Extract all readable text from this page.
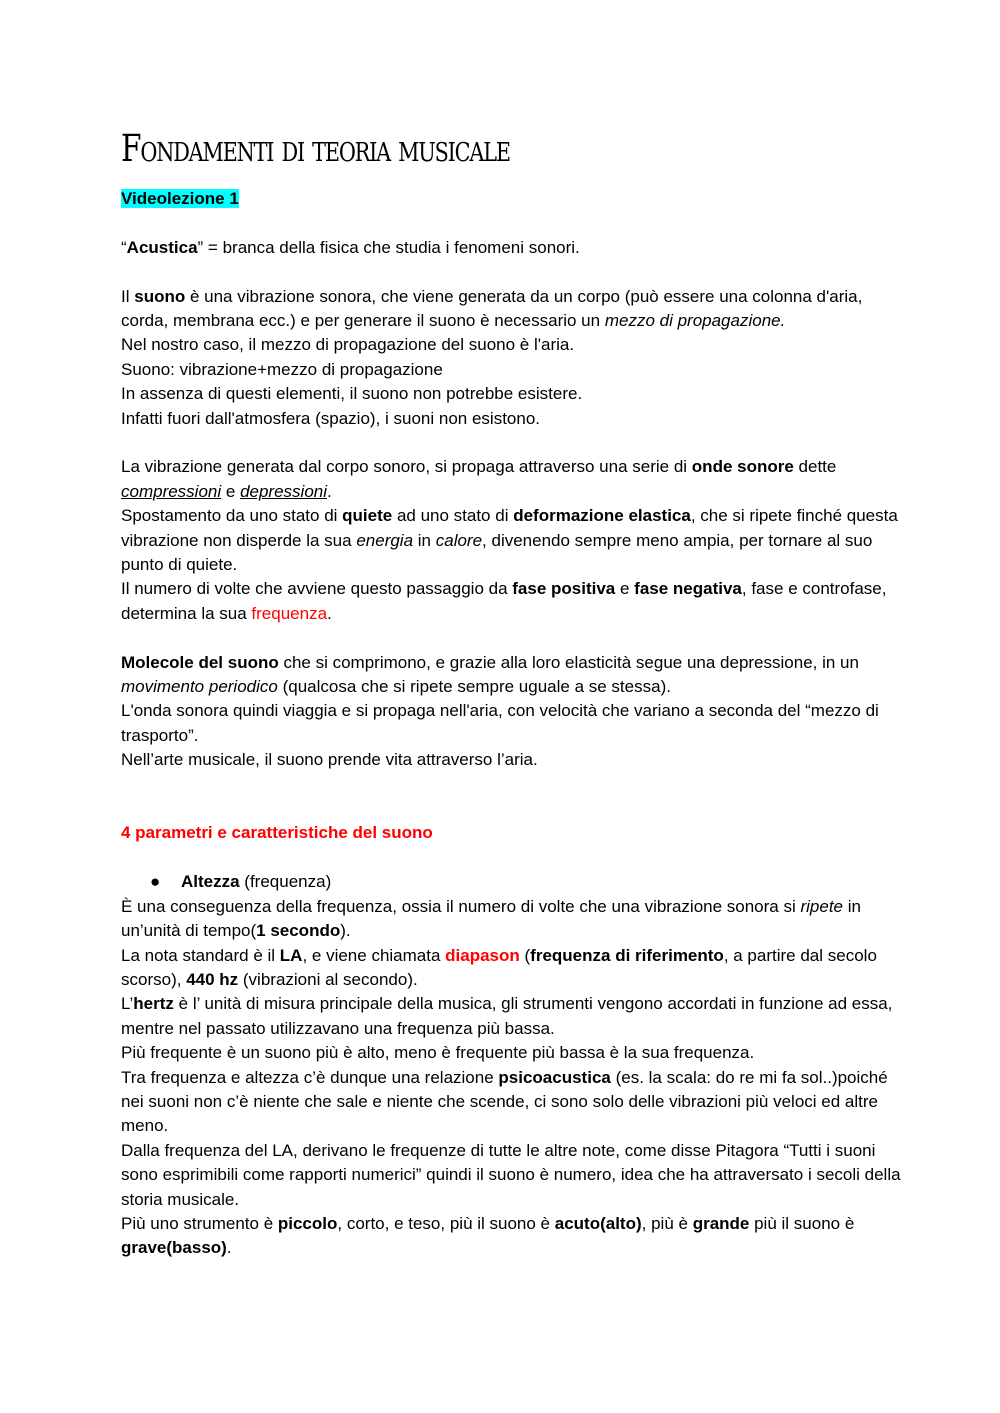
Fondamenti di teoria musicale

Videolezione 1

“Acustica” = branca della fisica che studia i fenomeni sonori.

Il suono è una vibrazione sonora, che viene generata da un corpo (può essere una colonna d'aria, corda, membrana ecc.) e per generare il suono è necessario un mezzo di propagazione.

Nel nostro caso, il mezzo di propagazione del suono è l'aria.

Suono: vibrazione+mezzo di propagazione

In assenza di questi elementi, il suono non potrebbe esistere.

Infatti fuori dall'atmosfera (spazio), i suoni non esistono.

La vibrazione generata dal corpo sonoro, si propaga attraverso una serie di onde sonore dette compressioni e depressioni.

Spostamento da uno stato di quiete ad uno stato di deformazione elastica, che si ripete finché questa vibrazione non disperde la sua energia in calore, divenendo sempre meno ampia, per tornare al suo punto di quiete.

Il numero di volte che avviene questo passaggio da fase positiva e fase negativa, fase e controfase, determina la sua frequenza.

Molecole del suono che si comprimono, e grazie alla loro elasticità segue una depressione, in un movimento periodico (qualcosa che si ripete sempre uguale a se stessa).

L'onda sonora quindi viaggia e si propaga nell'aria, con velocità che variano a seconda del “mezzo di trasporto”.

Nell’arte musicale, il suono prende vita attraverso l’aria.

4 parametri e caratteristiche del suono

● Altezza (frequenza)

È una conseguenza della frequenza, ossia il numero di volte che una vibrazione sonora si ripete in un’unità di tempo(1 secondo).

La nota standard è il LA, e viene chiamata diapason (frequenza di riferimento, a partire dal secolo scorso), 440 hz (vibrazioni al secondo).

L’hertz è l’ unità di misura principale della musica, gli strumenti vengono accordati in funzione ad essa, mentre nel passato utilizzavano una frequenza più bassa.

Più frequente è un suono più è alto, meno è frequente più bassa è la sua frequenza.

Tra frequenza e altezza c’è dunque una relazione psicoacustica (es. la scala: do re mi fa sol..)poiché nei suoni non c’è niente che sale e niente che scende, ci sono solo delle vibrazioni più veloci ed altre meno.

Dalla frequenza del LA, derivano le frequenze di tutte le altre note, come disse Pitagora “Tutti i suoni sono esprimibili come rapporti numerici” quindi il suono è numero, idea che ha attraversato i secoli della storia musicale.

Più uno strumento è piccolo, corto, e teso, più il suono è acuto(alto), più è grande più il suono è grave(basso).
